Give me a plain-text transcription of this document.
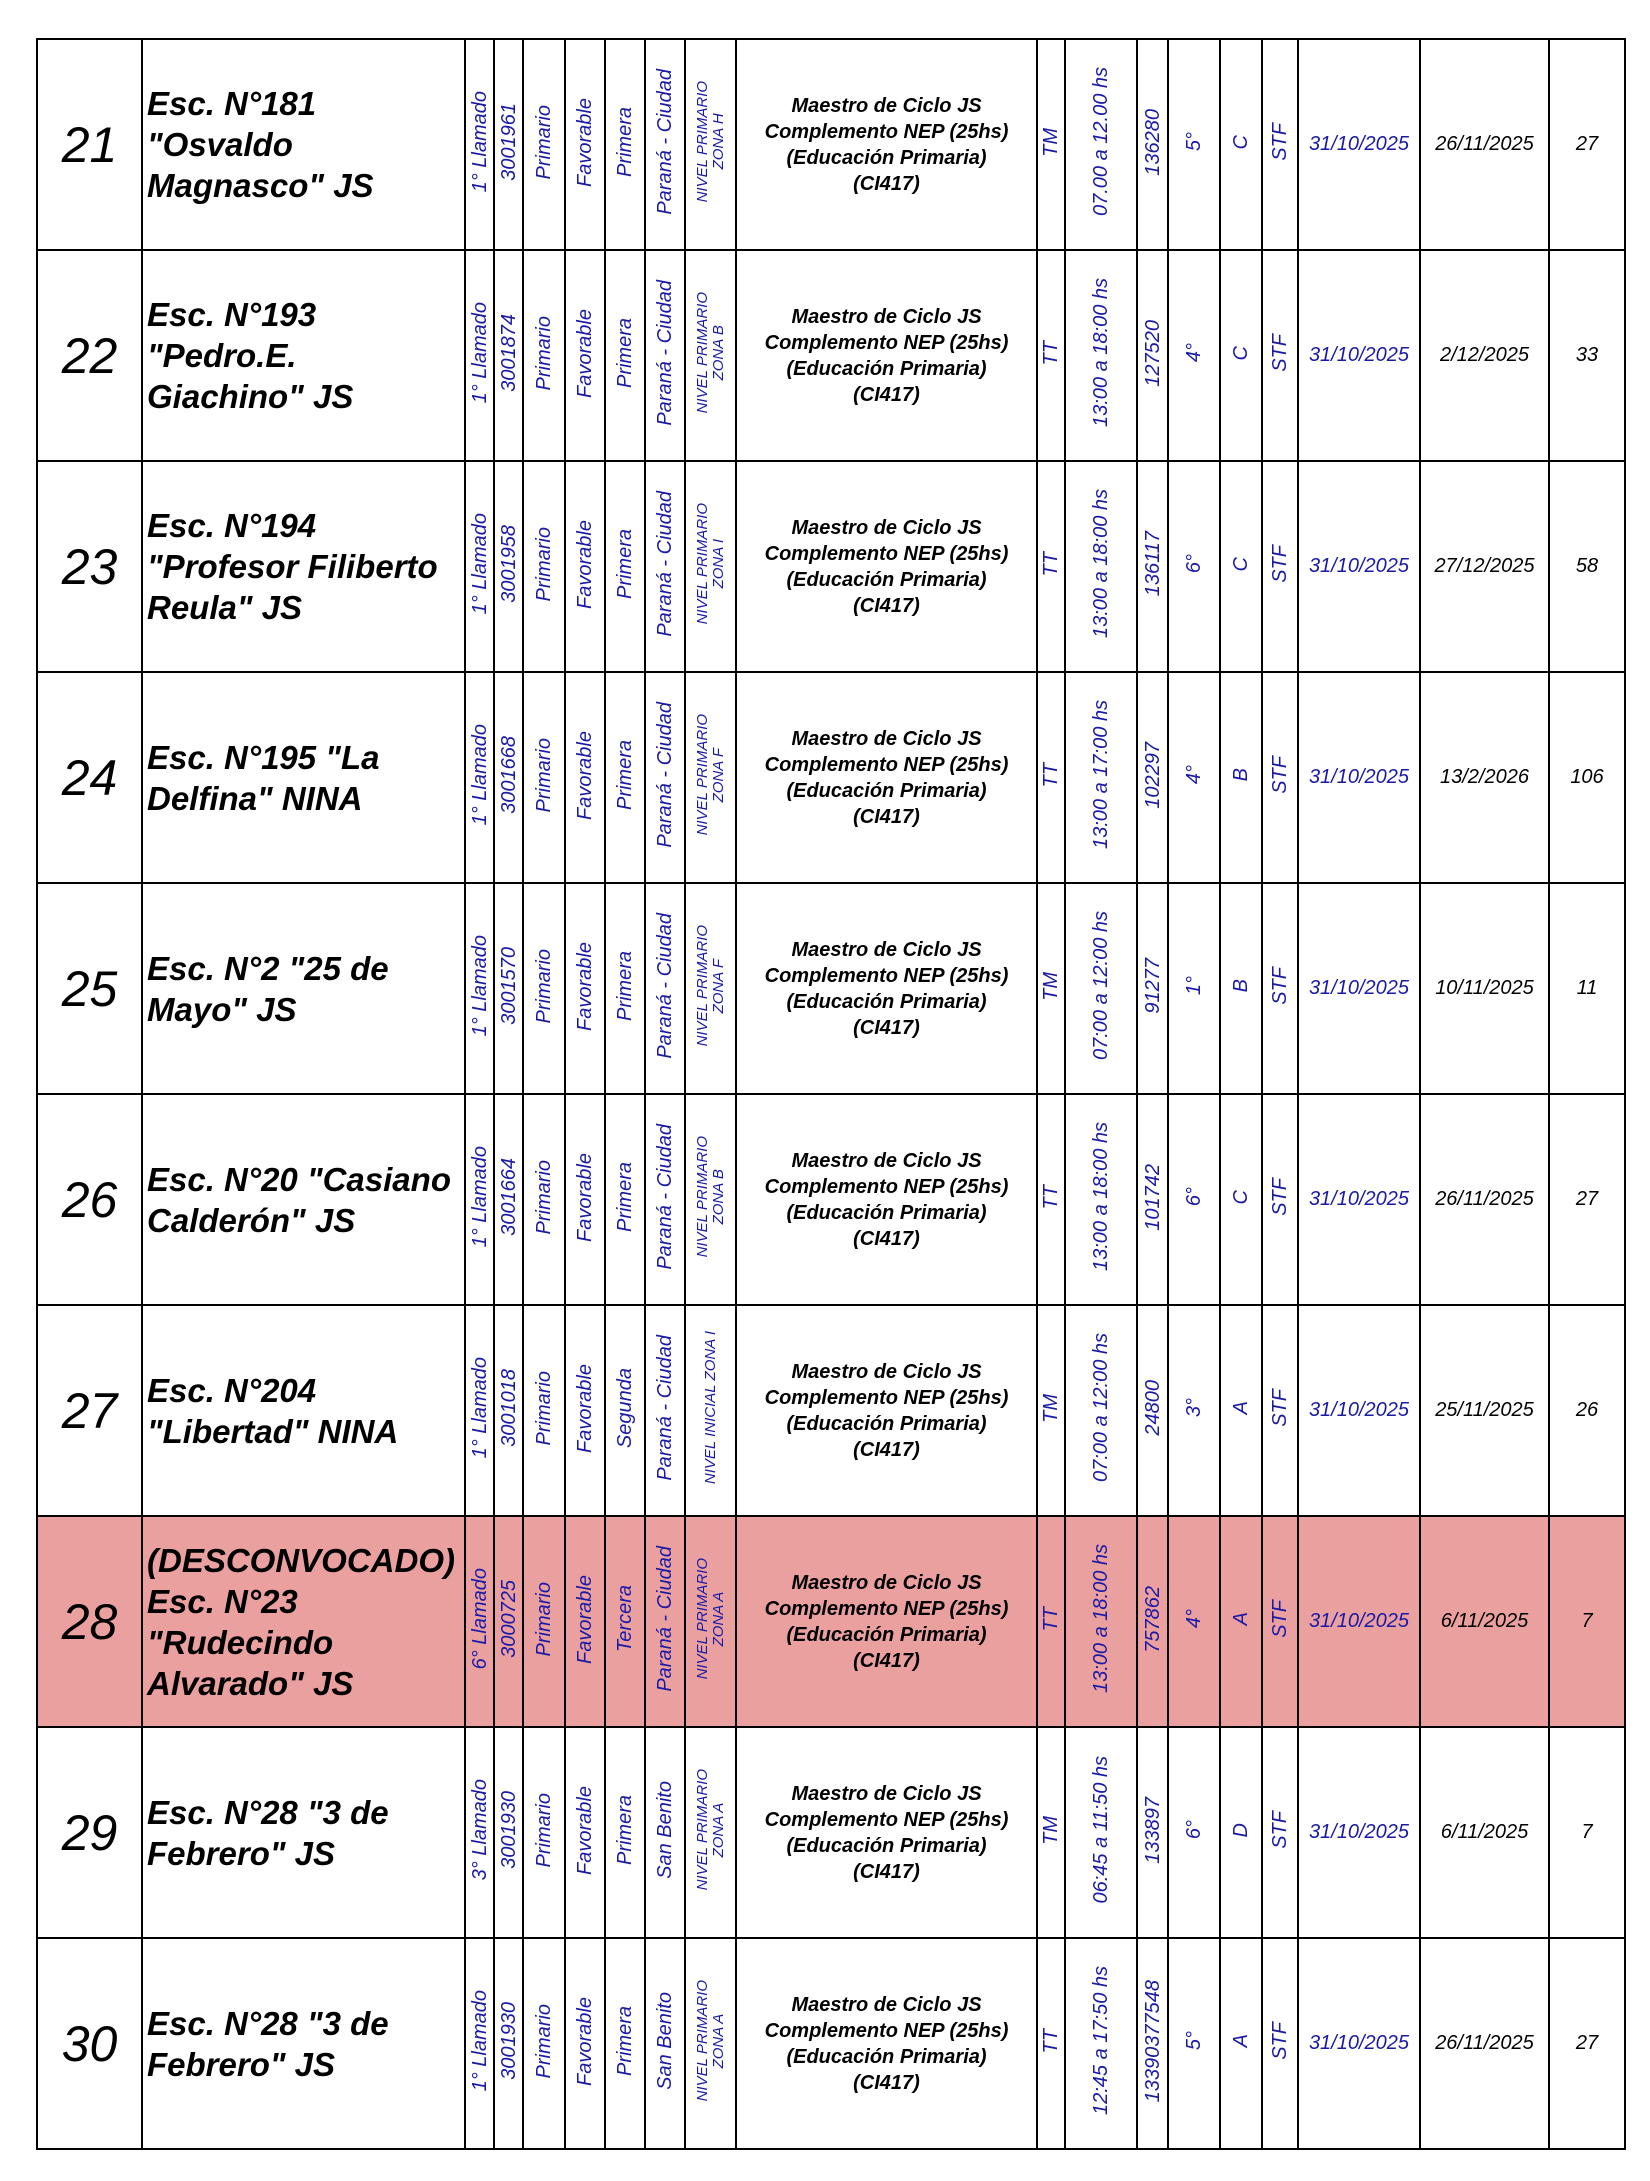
21	Esc. N°181 "Osvaldo Magnasco" JS	1° Llamado	3001961	Primario	Favorable	Primera	Paraná - Ciudad	NIVEL PRIMARIO
ZONA H	Maestro de Ciclo JS
Complemento NEP (25hs)
(Educación Primaria)
(CI417)	TM	07.00 a 12.00 hs	136280	5°	C	STF	31/10/2025	26/11/2025	27
22	Esc. N°193 "Pedro.E. Giachino" JS	1° Llamado	3001874	Primario	Favorable	Primera	Paraná - Ciudad	NIVEL PRIMARIO
ZONA B	Maestro de Ciclo JS
Complemento NEP (25hs)
(Educación Primaria)
(CI417)	TT	13:00 a 18:00 hs	127520	4°	C	STF	31/10/2025	2/12/2025	33
23	Esc. N°194 "Profesor Filiberto Reula" JS	1° Llamado	3001958	Primario	Favorable	Primera	Paraná - Ciudad	NIVEL PRIMARIO
ZONA I	Maestro de Ciclo JS
Complemento NEP (25hs)
(Educación Primaria)
(CI417)	TT	13:00 a 18:00 hs	136117	6°	C	STF	31/10/2025	27/12/2025	58
24	Esc. N°195 "La Delfina" NINA	1° Llamado	3001668	Primario	Favorable	Primera	Paraná - Ciudad	NIVEL PRIMARIO
ZONA F	Maestro de Ciclo JS
Complemento NEP (25hs)
(Educación Primaria)
(CI417)	TT	13:00 a 17:00 hs	102297	4°	B	STF	31/10/2025	13/2/2026	106
25	Esc. N°2 "25 de Mayo" JS	1° Llamado	3001570	Primario	Favorable	Primera	Paraná - Ciudad	NIVEL PRIMARIO
ZONA F	Maestro de Ciclo JS
Complemento NEP (25hs)
(Educación Primaria)
(CI417)	TM	07:00 a 12:00 hs	91277	1°	B	STF	31/10/2025	10/11/2025	11
26	Esc. N°20 "Casiano Calderón" JS	1° Llamado	3001664	Primario	Favorable	Primera	Paraná - Ciudad	NIVEL PRIMARIO
ZONA B	Maestro de Ciclo JS
Complemento NEP (25hs)
(Educación Primaria)
(CI417)	TT	13:00 a 18:00 hs	101742	6°	C	STF	31/10/2025	26/11/2025	27
27	Esc. N°204 "Libertad" NINA	1° Llamado	3001018	Primario	Favorable	Segunda	Paraná - Ciudad	NIVEL INICIAL ZONA I	Maestro de Ciclo JS
Complemento NEP (25hs)
(Educación Primaria)
(CI417)	TM	07:00 a 12:00 hs	24800	3°	A	STF	31/10/2025	25/11/2025	26
28	(DESCONVOCADO) Esc. N°23 "Rudecindo Alvarado" JS	6° Llamado	3000725	Primario	Favorable	Tercera	Paraná - Ciudad	NIVEL PRIMARIO
ZONA A	Maestro de Ciclo JS
Complemento NEP (25hs)
(Educación Primaria)
(CI417)	TT	13:00 a 18:00 hs	757862	4°	A	STF	31/10/2025	6/11/2025	7
29	Esc. N°28 "3 de Febrero" JS	3° Llamado	3001930	Primario	Favorable	Primera	San Benito	NIVEL PRIMARIO
ZONA A	Maestro de Ciclo JS
Complemento NEP (25hs)
(Educación Primaria)
(CI417)	TM	06:45 a 11:50 hs	133897	6°	D	STF	31/10/2025	6/11/2025	7
30	Esc. N°28 "3 de Febrero" JS	1° Llamado	3001930	Primario	Favorable	Primera	San Benito	NIVEL PRIMARIO
ZONA A	Maestro de Ciclo JS
Complemento NEP (25hs)
(Educación Primaria)
(CI417)	TT	12:45 a 17:50 hs	13390377548	5°	A	STF	31/10/2025	26/11/2025	27
